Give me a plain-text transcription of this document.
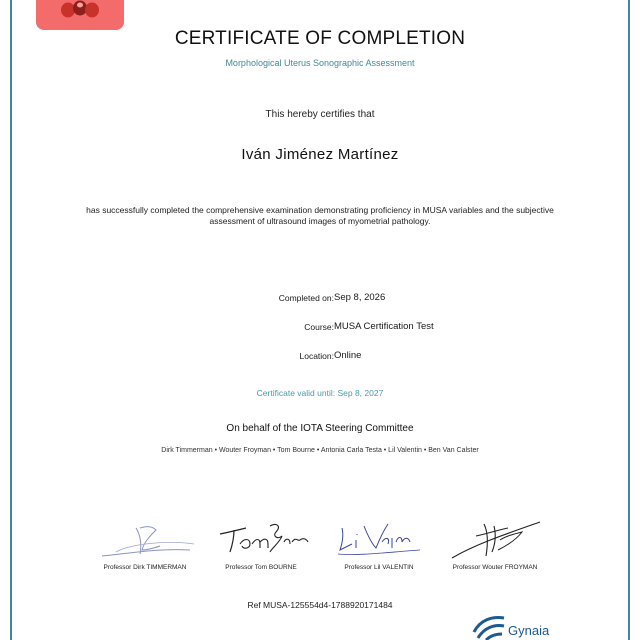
CERTIFICATE OF COMPLETION
Morphological Uterus Sonographic Assessment
This hereby certifies that
Iván Jiménez Martínez
has successfully completed the comprehensive examination demonstrating proficiency in MUSA variables and the subjective assessment of ultrasound images of myometrial pathology.
Completed on: Sep 8, 2026
Course: MUSA Certification Test
Location: Online
Certificate valid until: Sep 8, 2027
On behalf of the IOTA Steering Committee
Dirk Timmerman • Wouter Froyman • Tom Bourne • Antonia Carla Testa • Lil Valentin • Ben Van Calster
Professor Dirk TIMMERMAN	Professor Tom BOURNE	Professor Lil VALENTIN	Professor Wouter FROYMAN
Ref MUSA-125554d4-1788920171484
Gynaia
